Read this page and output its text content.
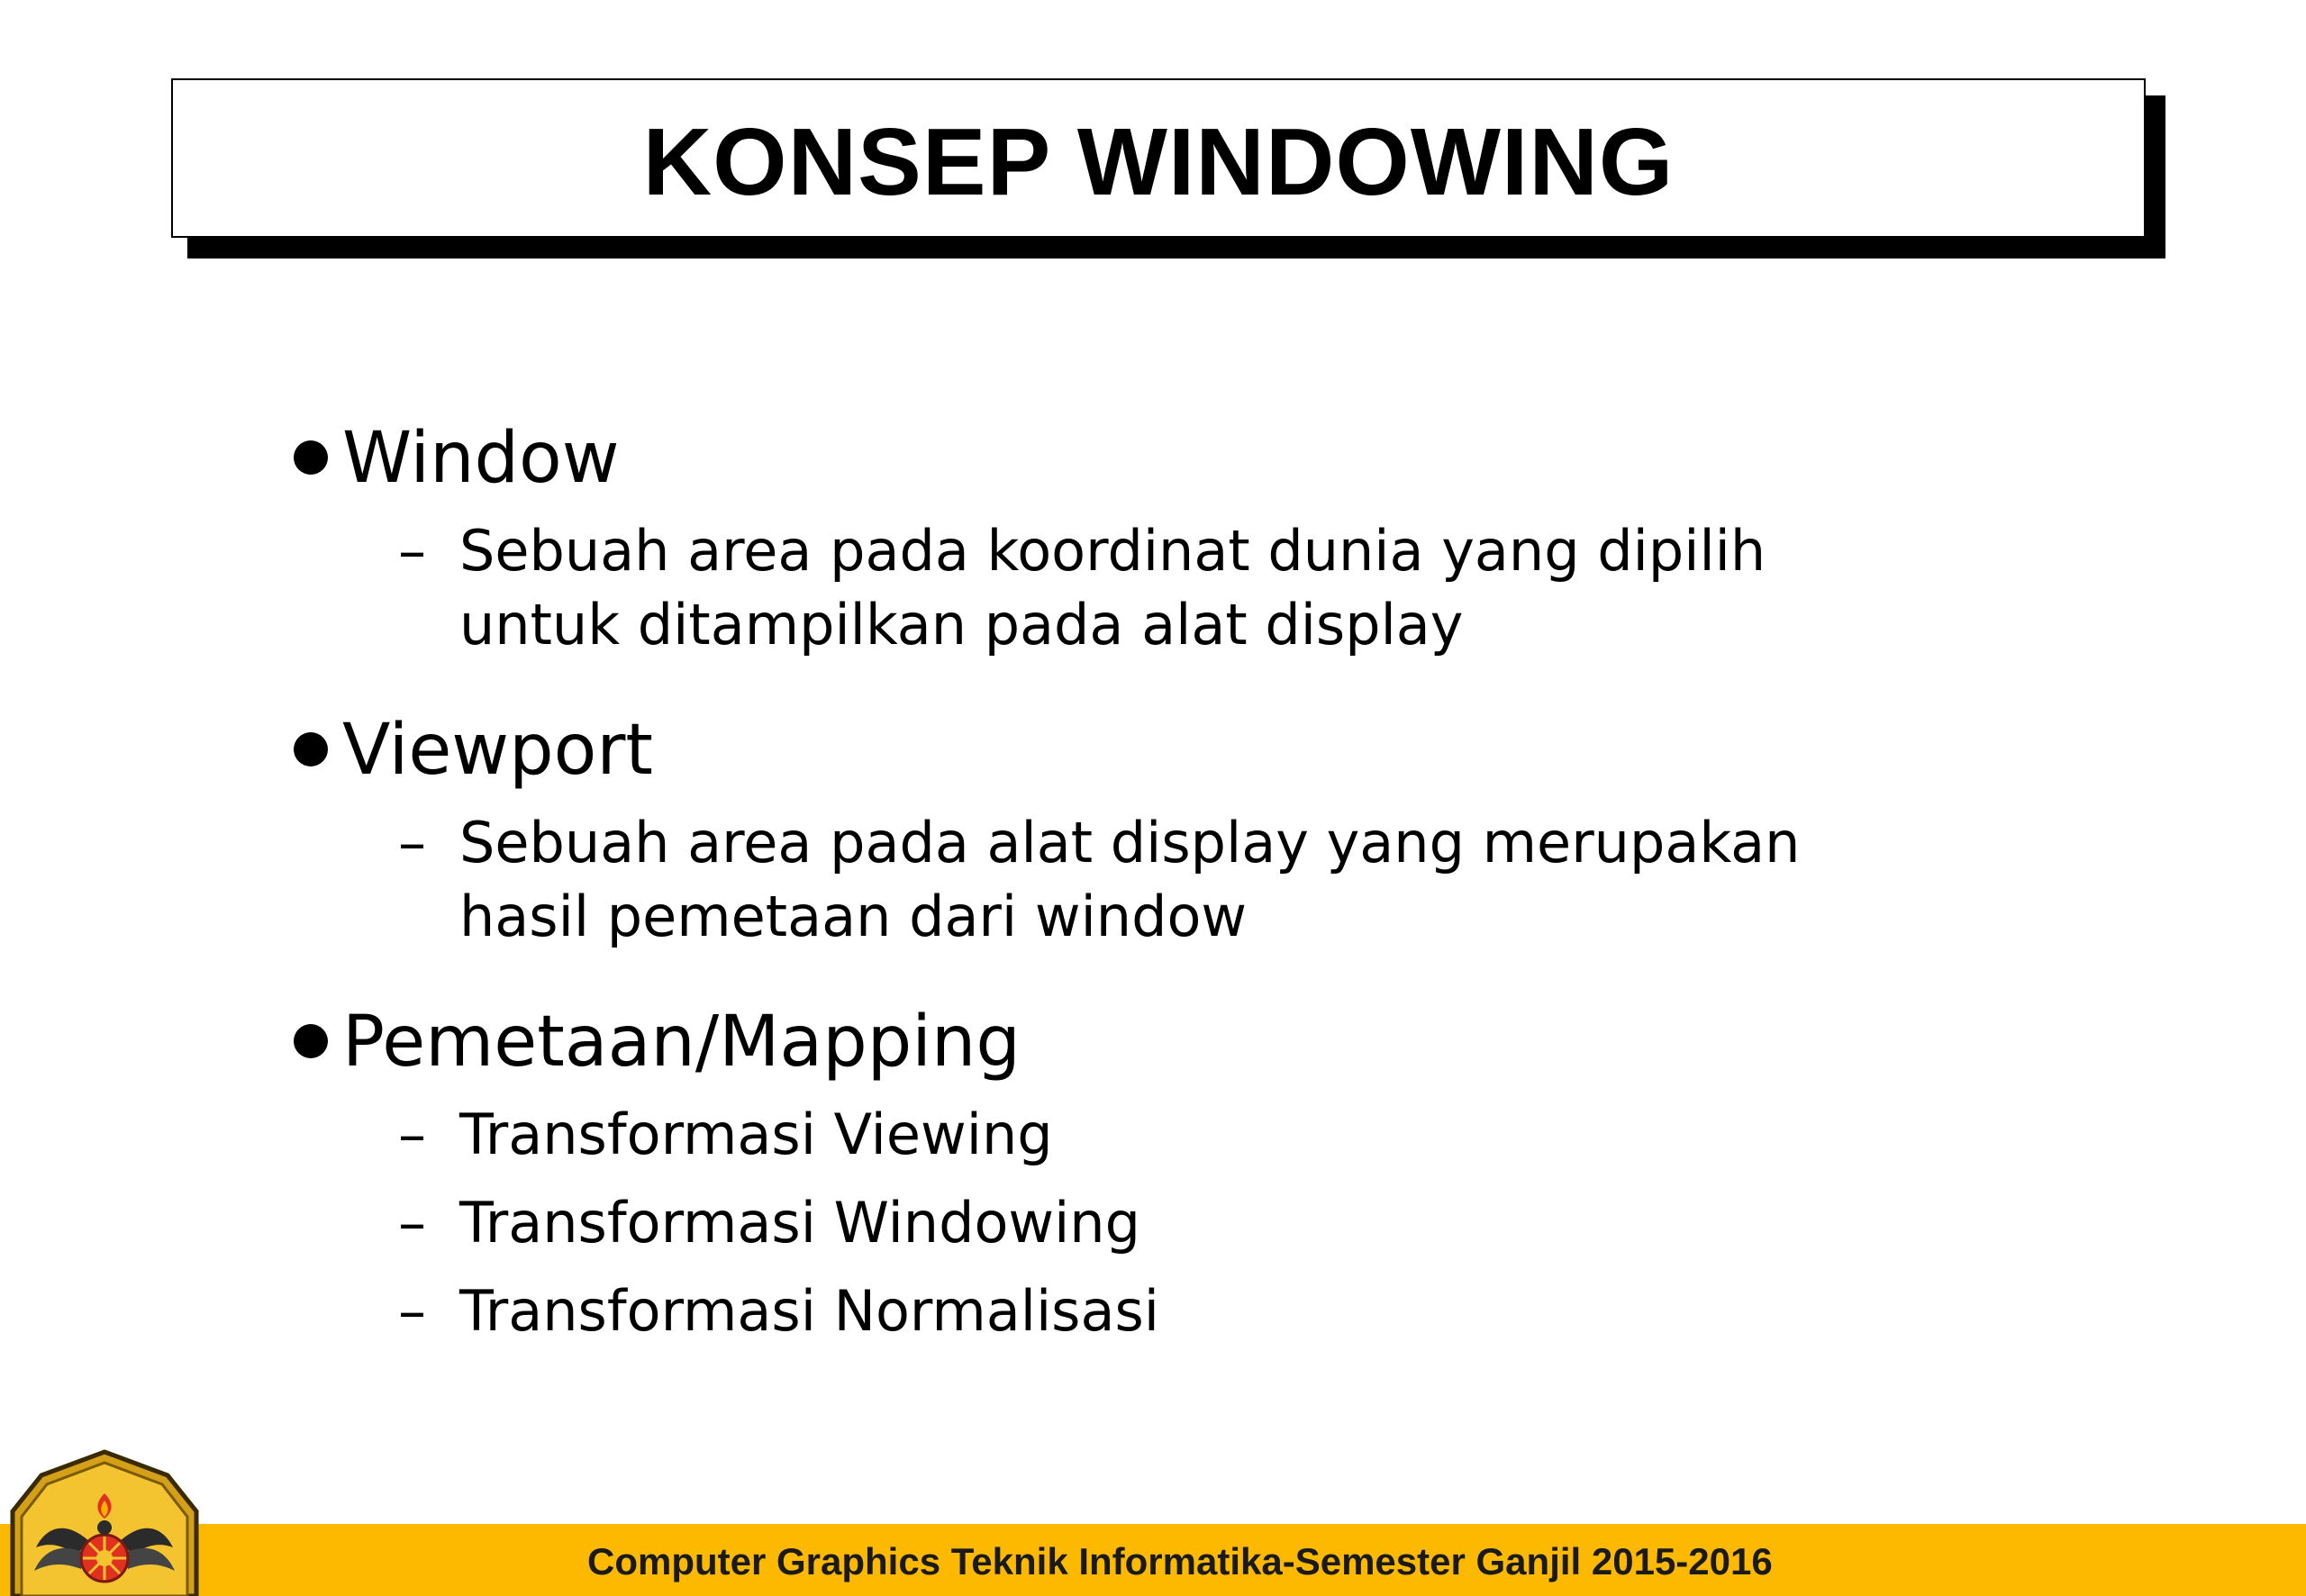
KONSEP WINDOWING
Window
– Sebuah area pada koordinat dunia yang dipilih
untuk ditampilkan pada alat display
Viewport
– Sebuah area pada alat display yang merupakan
hasil pemetaan dari window
Pemetaan/Mapping
– Transformasi Viewing
– Transformasi Windowing
– Transformasi Normalisasi
Computer Graphics Teknik Informatika-Semester Ganjil 2015-2016
